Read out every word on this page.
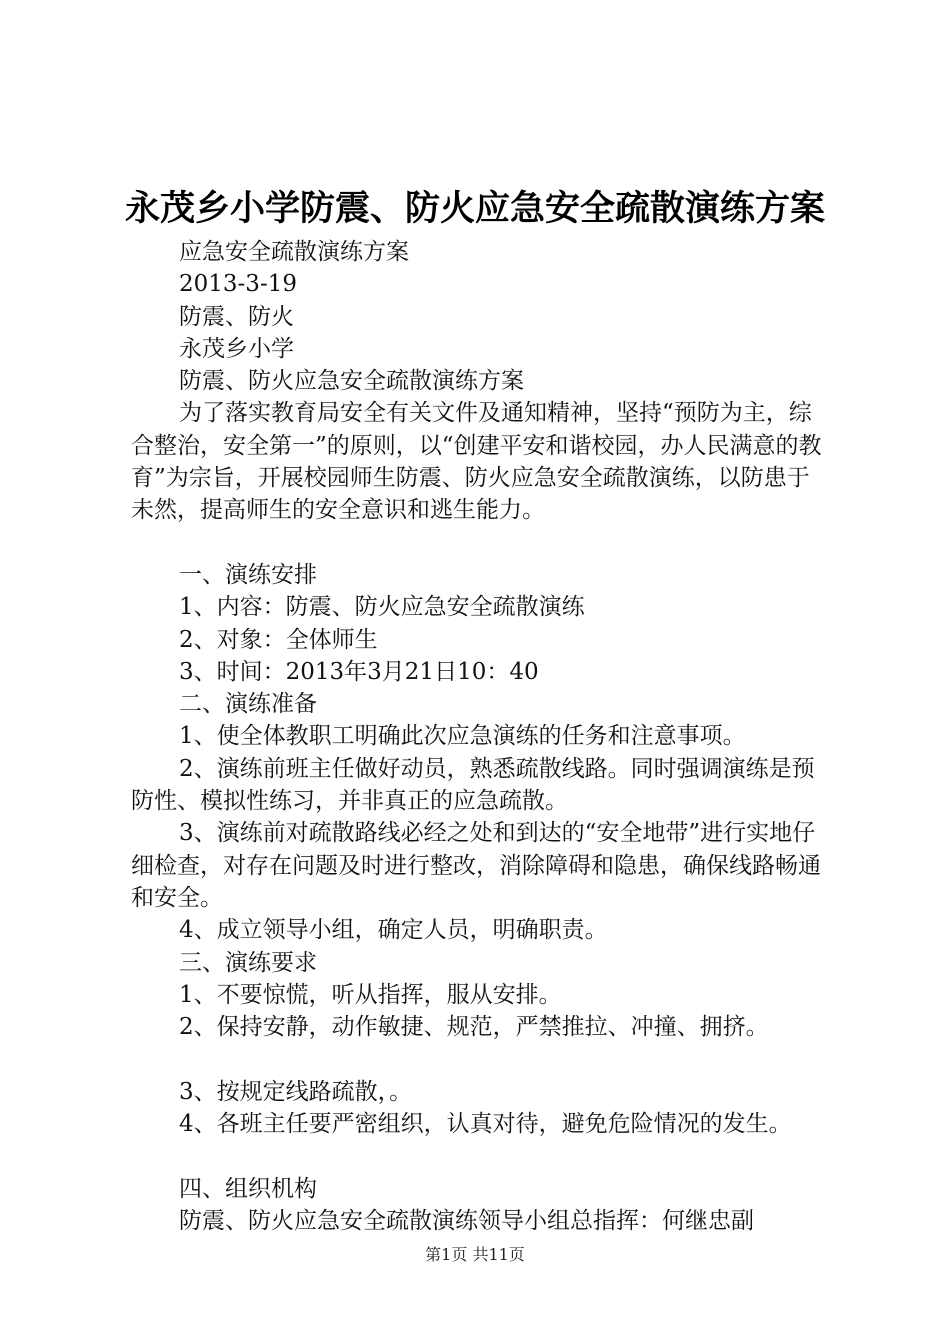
永茂乡小学防震、防火应急安全疏散演练方案
应急安全疏散演练方案
2013-3-19
防震、防火
永茂乡小学
防震、防火应急安全疏散演练方案
为了落实教育局安全有关文件及通知精神，坚持“预防为主，综合整治，安全第一”的原则，以“创建平安和谐校园，办人民满意的教育”为宗旨，开展校园师生防震、防火应急安全疏散演练，以防患于未然，提高师生的安全意识和逃生能力。
一、演练安排
1、内容：防震、防火应急安全疏散演练
2、对象：全体师生
3、时间：2013年3月21日10：40
二、演练准备
1、使全体教职工明确此次应急演练的任务和注意事项。
2、演练前班主任做好动员，熟悉疏散线路。同时强调演练是预防性、模拟性练习，并非真正的应急疏散。
3、演练前对疏散路线必经之处和到达的“安全地带”进行实地仔细检查，对存在问题及时进行整改，消除障碍和隐患，确保线路畅通和安全。
4、成立领导小组，确定人员，明确职责。
三、演练要求
1、不要惊慌，听从指挥，服从安排。
2、保持安静，动作敏捷、规范，严禁推拉、冲撞、拥挤。
3、按规定线路疏散，。
4、各班主任要严密组织，认真对待，避免危险情况的发生。
四、组织机构
防震、防火应急安全疏散演练领导小组总指挥：何继忠副
第1页 共11页
